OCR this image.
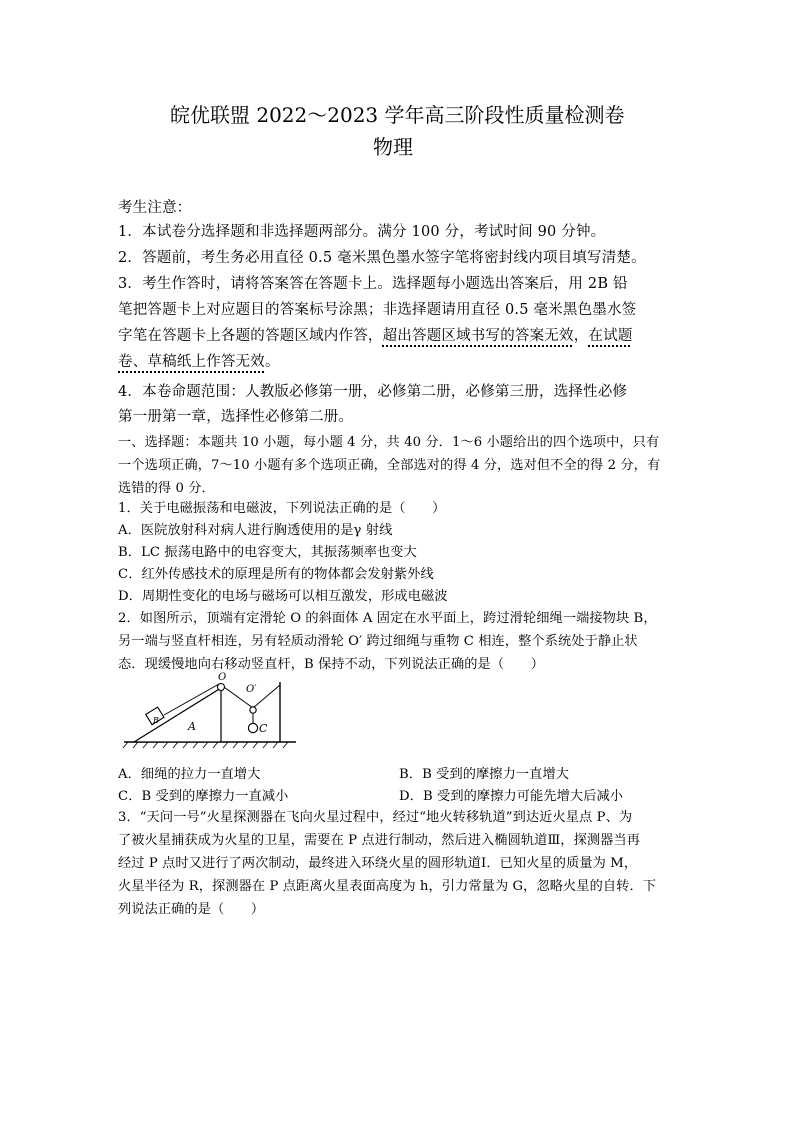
皖优联盟 2022～2023 学年高三阶段性质量检测卷
物理
考生注意：
1．本试卷分选择题和非选择题两部分。满分 100 分，考试时间 90 分钟。
2．答题前，考生务必用直径 0.5 毫米黑色墨水签字笔将密封线内项目填写清楚。
3．考生作答时，请将答案答在答题卡上。选择题每小题选出答案后，用 2B 铅
笔把答题卡上对应题目的答案标号涂黑；非选择题请用直径 0.5 毫米黑色墨水签
字笔在答题卡上各题的答题区域内作答，超出答题区域书写的答案无效，在试题
卷、草稿纸上作答无效。
4．本卷命题范围：人教版必修第一册，必修第二册，必修第三册，选择性必修
第一册第一章，选择性必修第二册。
一、选择题：本题共 10 小题，每小题 4 分，共 40 分．1～6 小题给出的四个选项中，只有
一个选项正确，7～10 小题有多个选项正确，全部选对的得 4 分，选对但不全的得 2 分，有
选错的得 0 分．
1．关于电磁振荡和电磁波，下列说法正确的是（　　）
A．医院放射科对病人进行胸透使用的是γ 射线
B．LC 振荡电路中的电容变大，其振荡频率也变大
C．红外传感技术的原理是所有的物体都会发射紫外线
D．周期性变化的电场与磁场可以相互激发，形成电磁波
2．如图所示，顶端有定滑轮 O 的斜面体 A 固定在水平面上，跨过滑轮细绳一端接物块 B，
另一端与竖直杆相连，另有轻质动滑轮 O′ 跨过细绳与重物 C 相连，整个系统处于静止状
态．现缓慢地向右移动竖直杆，B 保持不动，下列说法正确的是（　　）
O
O′
A
B
C
A．细绳的拉力一直增大	B．B 受到的摩擦力一直增大
C．B 受到的摩擦力一直减小	D．B 受到的摩擦力可能先增大后减小
3．“天问一号”火星探测器在飞向火星过程中，经过“地火转移轨道”到达近火星点 P、为
了被火星捕获成为火星的卫星，需要在 P 点进行制动，然后进入椭圆轨道Ⅲ，探测器当再
经过 P 点时又进行了两次制动，最终进入环绕火星的圆形轨道Ⅰ．已知火星的质量为 M，
火星半径为 R，探测器在 P 点距离火星表面高度为 h，引力常量为 G，忽略火星的自转．下
列说法正确的是（　　）
